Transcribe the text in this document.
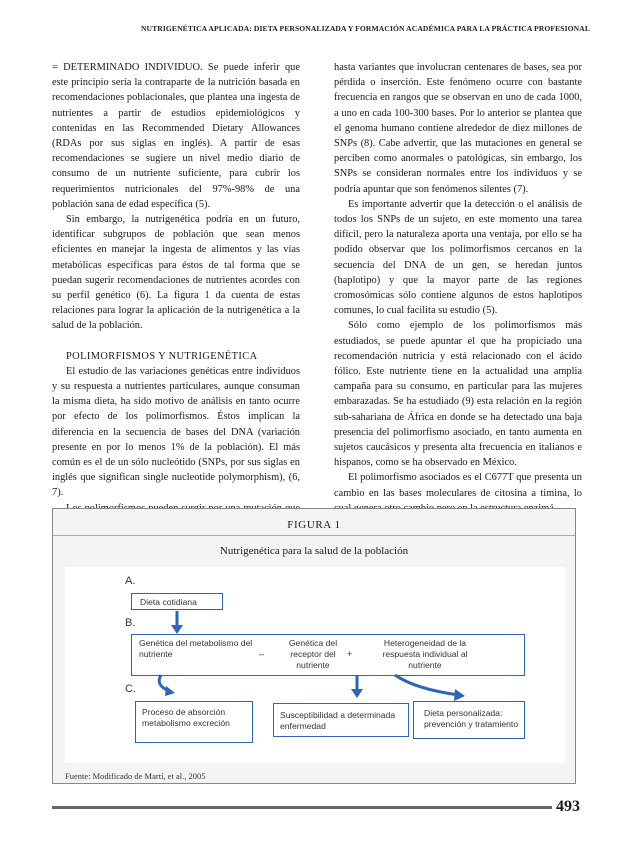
NUTRIGENÉTICA APLICADA: DIETA PERSONALIZADA Y FORMACIÓN ACADÉMICA PARA LA PRÁCTICA PROFESIONAL

= DETERMINADO INDIVIDUO. Se puede inferir que este principio sería la contraparte de la nutrición basada en recomendaciones poblacionales, que plantea una ingesta de nutrientes a partir de estudios epidemiológicos y contenidas en las Recommended Dietary Allowances (RDAs por sus siglas en inglés). A partir de esas recomendaciones se sugiere un nivel medio diario de consumo de un nutriente suficiente, para cubrir los requerimientos nutricionales del 97%-98% de una población sana de edad específica (5).

Sin embargo, la nutrigenética podría en un futuro, identificar subgrupos de población que sean menos eficientes en manejar la ingesta de alimentos y las vías metabólicas específicas para éstos de tal forma que se puedan sugerir recomendaciones de nutrientes acordes con su perfil genético (6). La figura 1 da cuenta de estas relaciones para lograr la aplicación de la nutrigenética a la salud de la población.

POLIMORFISMOS Y NUTRIGENÉTICA

El estudio de las variaciones genéticas entre individuos y su respuesta a nutrientes particulares, aunque consuman la misma dieta, ha sido motivo de análisis en tanto ocurre por efecto de los polimorfismos. Éstos implican la diferencia en la secuencia de bases del DNA (variación presente en por lo menos 1% de la población). El más común es el de un sólo nucleótido (SNPs, por sus siglas en inglés que significan single nucleotide polymorphism), (6, 7).

hasta variantes que involucran centenares de bases, sea por pérdida o inserción. Este fenómeno ocurre con bastante frecuencia en rangos que se observan en uno de cada 1000, a uno en cada 100-300 bases. Por lo anterior se plantea que el genoma humano contiene alrededor de diez millones de SNPs (8). Cabe advertir, que las mutaciones en general se perciben como anormales o patológicas, sin embargo, los SNPs se consideran normales entre los individuos y se podría apuntar que son fenómenos silentes (7).

Es importante advertir que la detección o el análisis de todos los SNPs de un sujeto, en este momento una tarea difícil, pero la naturaleza aporta una ventaja, por ello se ha podido observar que los polimorfismos cercanos en la secuencia del DNA de un gen, se heredan juntos (haplotipo) y que la mayor parte de las regiones cromosómicas sólo contiene algunos de estos haplotipos comunes, lo cual facilita su estudio (5).

Sólo como ejemplo de los polimorfismos más estudiados, se puede apuntar el que ha propiciado una recomendación nutricia y está relacionado con el ácido fólico. Este nutriente tiene en la actualidad una amplia campaña para su consumo, en particular para las mujeres embarazadas. Se ha estudiado (9) esta relación en la región sub-sahariana de África en donde se ha detectado una baja presencia del polimorfismo asociado, en tanto aumenta en sujetos caucásicos y presenta alta frecuencia en italianos e hispanos, como se ha observado en México.

El polimorfismo asociados es el C677T que presenta un cambio en las bases moleculares de citosina a timina, lo

FIGURA 1
Nutrigenética para la salud de la población
A.
Dieta cotidiana
B.
Genética del metabolismo del nutriente	–
Genética del receptor del nutriente
+
Heterogeneidad de la respuesta individual al nutriente
C.
Proceso de absorción metabolismo excreción
Susceptibilidad a determinada enfermedad
Dieta personalizada: prevención y tratamiento
Fuente: Modificado de Martí, et al., 2005
493
